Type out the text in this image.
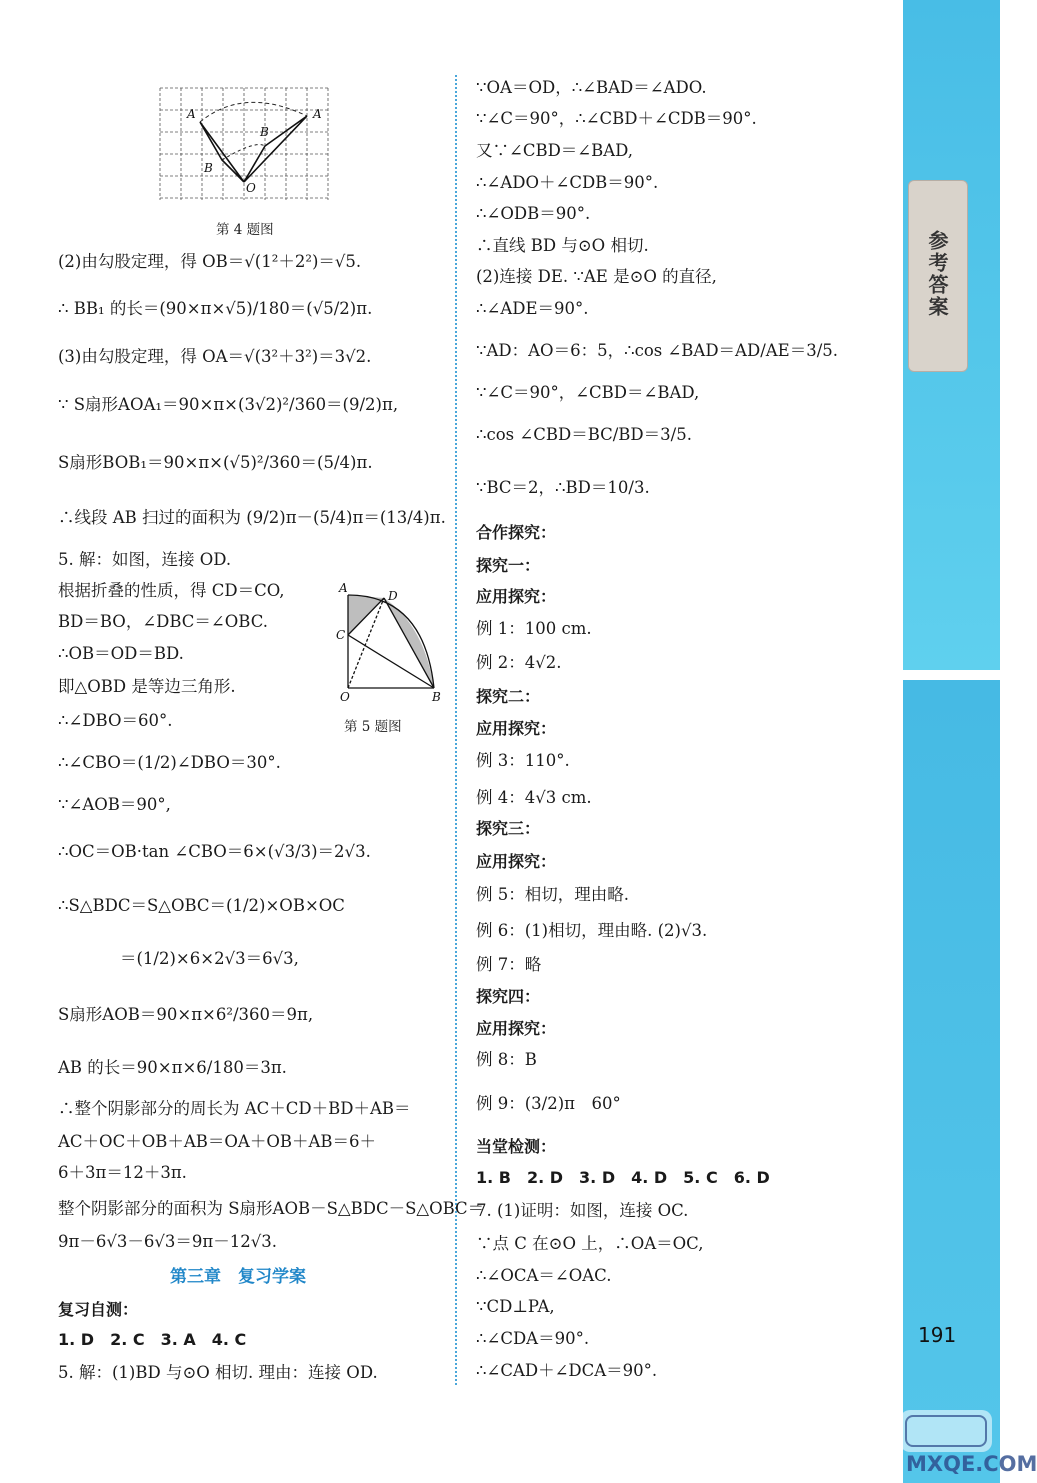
参考答案
A
B
B
A
O
A
D
C
O	B
第 5 题图
第 4 题图
(2)由勾股定理，得 OB＝√(1²＋2²)＝√5.
∴ BB₁ 的长＝(90×π×√5)/180＝(√5/2)π.
(3)由勾股定理，得 OA＝√(3²＋3²)＝3√2.
∵ S扇形AOA₁＝90×π×(3√2)²/360＝(9/2)π,
S扇形BOB₁＝90×π×(√5)²/360＝(5/4)π.
∴线段 AB 扫过的面积为 (9/2)π－(5/4)π＝(13/4)π.
5. 解：如图，连接 OD.
根据折叠的性质，得 CD＝CO,
BD＝BO，∠DBC＝∠OBC.
∴OB＝OD＝BD.
即△OBD 是等边三角形.
∴∠DBO＝60°.
∴∠CBO＝(1/2)∠DBO＝30°.
∵∠AOB＝90°,
∴OC＝OB·tan ∠CBO＝6×(√3/3)＝2√3.
∴S△BDC＝S△OBC＝(1/2)×OB×OC
＝(1/2)×6×2√3＝6√3,
S扇形AOB＝90×π×6²/360＝9π,
AB 的长＝90×π×6/180＝3π.
∴整个阴影部分的周长为 AC＋CD＋BD＋AB＝
AC＋OC＋OB＋AB＝OA＋OB＋AB＝6＋
6＋3π＝12＋3π.
整个阴影部分的面积为 S扇形AOB－S△BDC－S△OBC＝
9π－6√3－6√3＝9π－12√3.
第三章　复习学案
复习自测：
1. D　2. C　3. A　4. C
5. 解：(1)BD 与⊙O 相切. 理由：连接 OD.
∵OA＝OD，∴∠BAD＝∠ADO.
∵∠C＝90°，∴∠CBD＋∠CDB＝90°.
又∵∠CBD＝∠BAD,
∴∠ADO＋∠CDB＝90°.
∴∠ODB＝90°.
∴直线 BD 与⊙O 相切.
(2)连接 DE. ∵AE 是⊙O 的直径,
∴∠ADE＝90°.
∵AD：AO＝6：5，∴cos ∠BAD＝AD/AE＝3/5.
∵∠C＝90°，∠CBD＝∠BAD,
∴cos ∠CBD＝BC/BD＝3/5.
∵BC＝2，∴BD＝10/3.
合作探究：
探究一：
应用探究：
例 1：100 cm.
例 2：4√2.
探究二：
应用探究：
例 3：110°.
例 4：4√3 cm.
探究三：
应用探究：
例 5：相切，理由略.
例 6：(1)相切，理由略. (2)√3.
例 7：略
探究四：
应用探究：
例 8：B
例 9：(3/2)π　60°
当堂检测：
1. B　2. D　3. D　4. D　5. C　6. D
7. (1)证明：如图，连接 OC.
∵点 C 在⊙O 上，∴OA＝OC,
∴∠OCA＝∠OAC.
∵CD⊥PA,
∴∠CDA＝90°.
∴∠CAD＋∠DCA＝90°.
191
MXQE.COM
